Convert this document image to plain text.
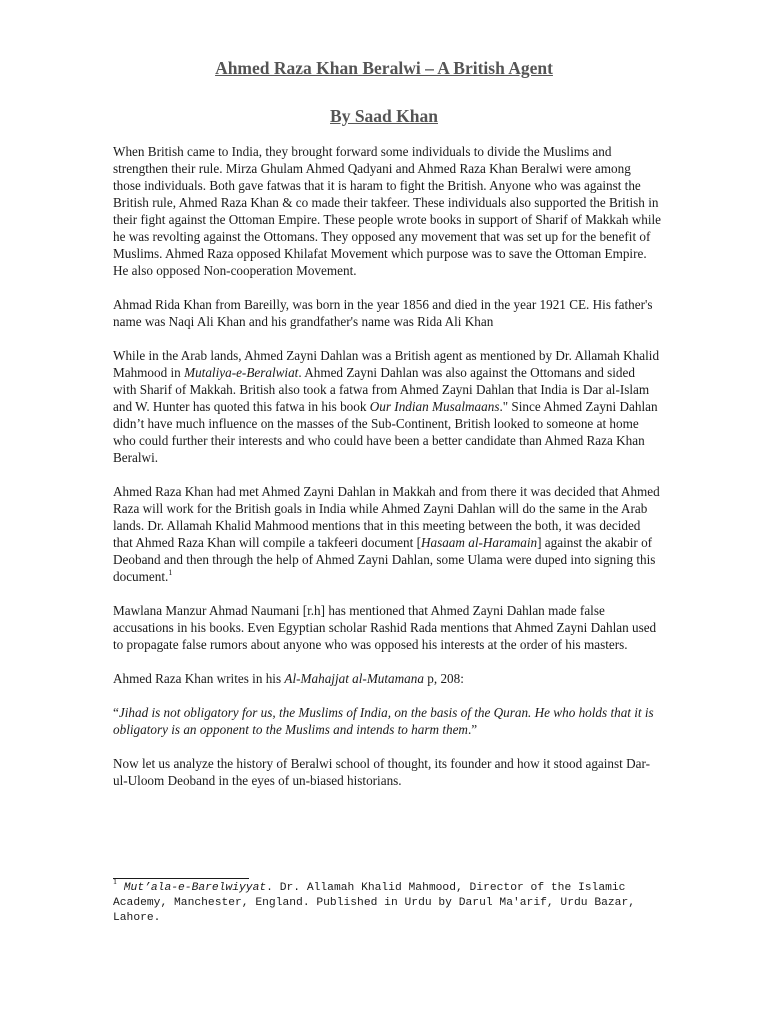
Ahmed Raza Khan Beralwi – A British Agent
By Saad Khan

When British came to India, they brought forward some individuals to divide the Muslims and strengthen their rule. Mirza Ghulam Ahmed Qadyani and Ahmed Raza Khan Beralwi were among those individuals. Both gave fatwas that it is haram to fight the British. Anyone who was against the British rule, Ahmed Raza Khan & co made their takfeer. These individuals also supported the British in their fight against the Ottoman Empire. These people wrote books in support of Sharif of Makkah while he was revolting against the Ottomans. They opposed any movement that was set up for the benefit of Muslims. Ahmed Raza opposed Khilafat Movement which purpose was to save the Ottoman Empire. He also opposed Non-cooperation Movement.

Ahmad Rida Khan from Bareilly, was born in the year 1856 and died in the year 1921 CE. His father's name was Naqi Ali Khan and his grandfather's name was Rida Ali Khan

While in the Arab lands, Ahmed Zayni Dahlan was a British agent as mentioned by Dr. Allamah Khalid Mahmood in Mutaliya-e-Beralwiat. Ahmed Zayni Dahlan was also against the Ottomans and sided with Sharif of Makkah. British also took a fatwa from Ahmed Zayni Dahlan that India is Dar al-Islam and W. Hunter has quoted this fatwa in his book Our Indian Musalmaans." Since Ahmed Zayni Dahlan didn’t have much influence on the masses of the Sub-Continent, British looked to someone at home who could further their interests and who could have been a better candidate than Ahmed Raza Khan Beralwi.

Ahmed Raza Khan had met Ahmed Zayni Dahlan in Makkah and from there it was decided that Ahmed Raza will work for the British goals in India while Ahmed Zayni Dahlan will do the same in the Arab lands. Dr. Allamah Khalid Mahmood mentions that in this meeting between the both, it was decided that Ahmed Raza Khan will compile a takfeeri document [Hasaam al-Haramain] against the akabir of Deoband and then through the help of Ahmed Zayni Dahlan, some Ulama were duped into signing this document.$^1$

Mawlana Manzur Ahmad Naumani [r.h] has mentioned that Ahmed Zayni Dahlan made false accusations in his books. Even Egyptian scholar Rashid Rada mentions that Ahmed Zayni Dahlan used to propagate false rumors about anyone who was opposed his interests at the order of his masters.

Ahmed Raza Khan writes in his Al-Mahajjat al-Mutamana p, 208:

“Jihad is not obligatory for us, the Muslims of India, on the basis of the Quran. He who holds that it is obligatory is an opponent to the Muslims and intends to harm them.”

Now let us analyze the history of Beralwi school of thought, its founder and how it stood against Dar-ul-Uloom Deoband in the eyes of un-biased historians.

$^1$ Mut’ala-e-Barelwiyyat. Dr. Allamah Khalid Mahmood, Director of the Islamic Academy, Manchester, England. Published in Urdu by Darul Ma'arif, Urdu Bazar, Lahore.
